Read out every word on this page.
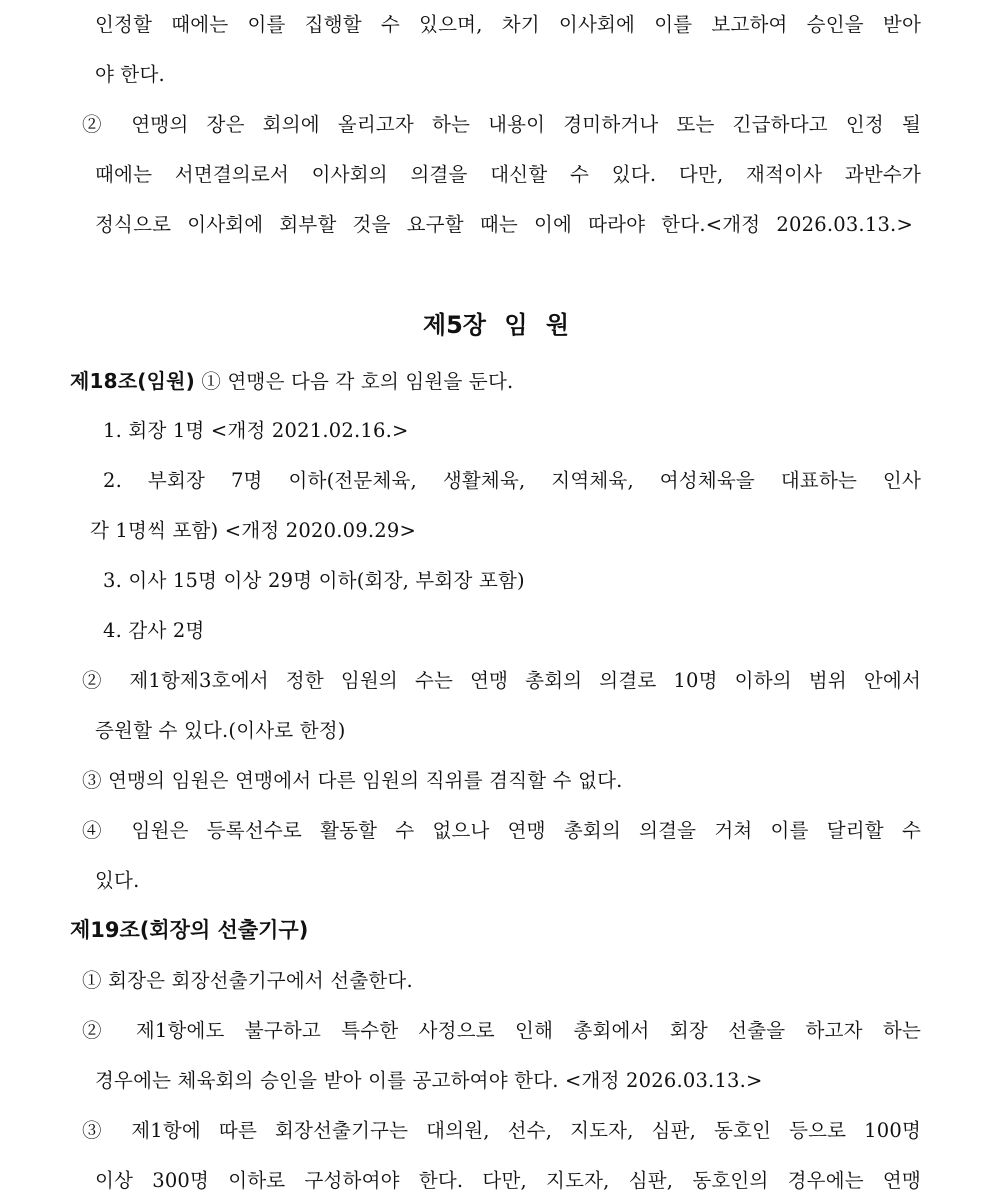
인정할 때에는 이를 집행할 수 있으며, 차기 이사회에 이를 보고하여 승인을 받아
야 한다.
② 연맹의 장은 회의에 올리고자 하는 내용이 경미하거나 또는 긴급하다고 인정 될
때에는 서면결의로서 이사회의 의결을 대신할 수 있다. 다만, 재적이사 과반수가
정식으로 이사회에 회부할 것을 요구할 때는 이에 따라야 한다.<개정 2026.03.13.>
제5장 임 원
제18조(임원) ① 연맹은 다음 각 호의 임원을 둔다.
1. 회장 1명 <개정 2021.02.16.>
2. 부회장 7명 이하(전문체육, 생활체육, 지역체육, 여성체육을 대표하는 인사
각 1명씩 포함) <개정 2020.09.29>
3. 이사 15명 이상 29명 이하(회장, 부회장 포함)
4. 감사 2명
② 제1항제3호에서 정한 임원의 수는 연맹 총회의 의결로 10명 이하의 범위 안에서
증원할 수 있다.(이사로 한정)
③ 연맹의 임원은 연맹에서 다른 임원의 직위를 겸직할 수 없다.
④ 임원은 등록선수로 활동할 수 없으나 연맹 총회의 의결을 거쳐 이를 달리할 수
있다.
제19조(회장의 선출기구)
① 회장은 회장선출기구에서 선출한다.
② 제1항에도 불구하고 특수한 사정으로 인해 총회에서 회장 선출을 하고자 하는
경우에는 체육회의 승인을 받아 이를 공고하여야 한다. <개정 2026.03.13.>
③ 제1항에 따른 회장선출기구는 대의원, 선수, 지도자, 심판, 동호인 등으로 100명
이상 300명 이하로 구성하여야 한다. 다만, 지도자, 심판, 동호인의 경우에는 연맹
